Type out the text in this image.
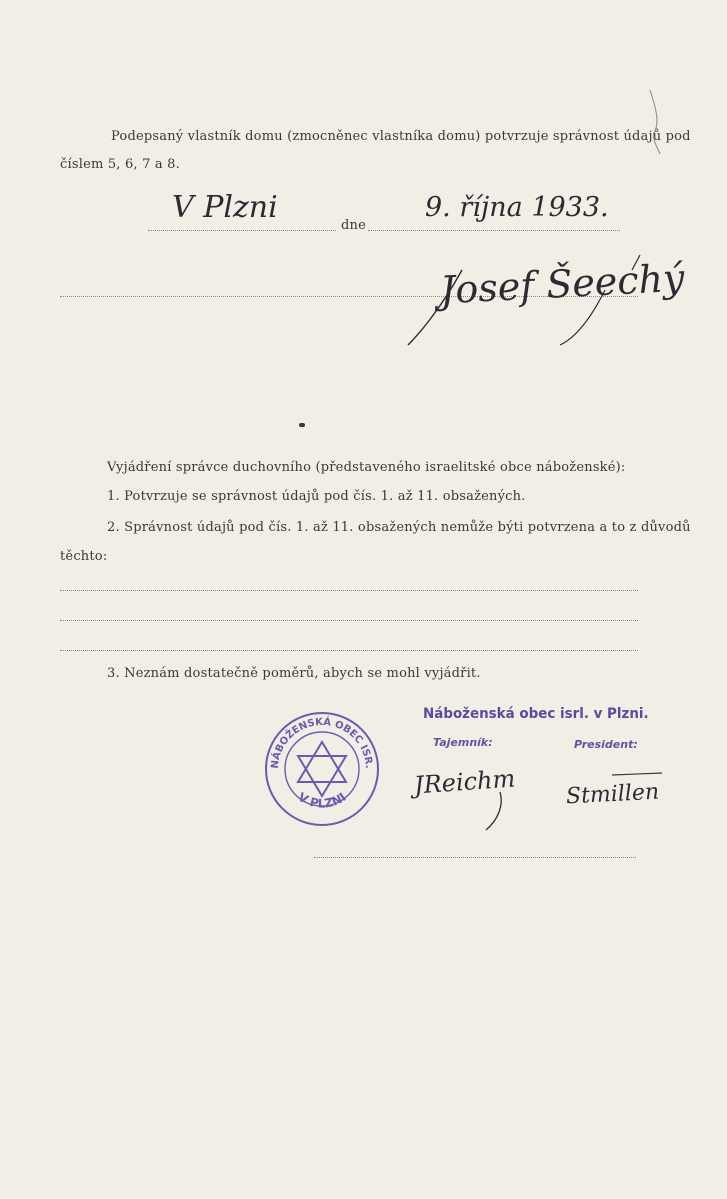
Podepsaný vlastník domu (zmocněnec vlastníka domu) potvrzuje správnost údajů pod
číslem 5, 6, 7 a 8.
V Plzni
dne
9. října 1933.
Josef Šeechý
Vyjádření správce duchovního (představeného israelitské obce náboženské):
1. Potvrzuje se správnost údajů pod čís. 1. až 11. obsažených.
2. Správnost údajů pod čís. 1. až 11. obsažených nemůže býti potvrzena a to z důvodů
těchto:
3. Neznám dostatečně poměrů, abych se mohl vyjádřit.
NÁBOŽENSKÁ OBEC ISR.
V PLZNI
Náboženská obec isrl. v Plzni.
Tajemník:	President:
JReichm Stmillen
